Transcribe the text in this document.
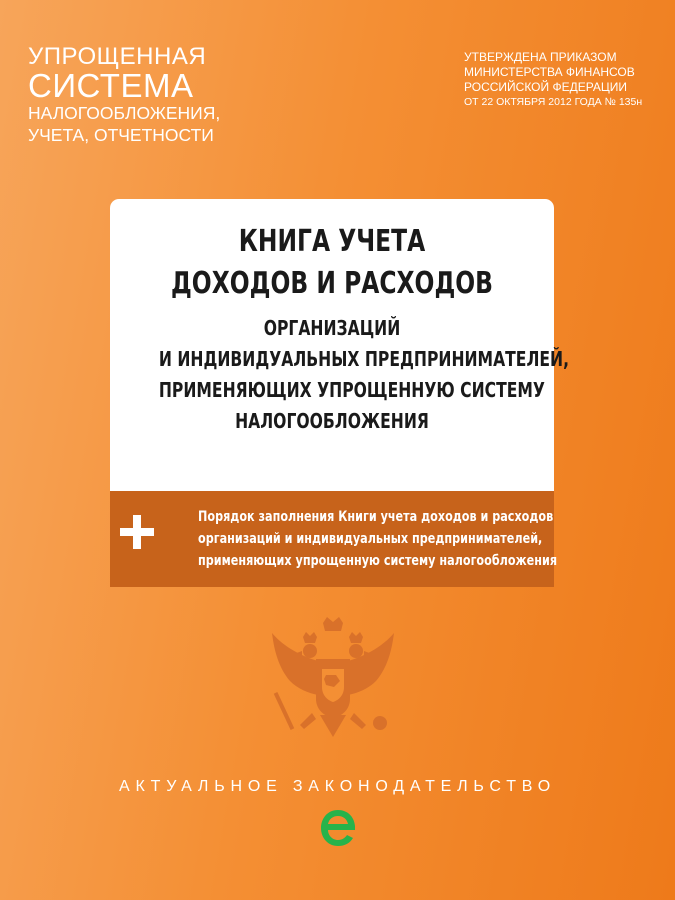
УПРОЩЕННАЯ
СИСТЕМА
НАЛОГООБЛОЖЕНИЯ,
УЧЕТА, ОТЧЕТНОСТИ
УТВЕРЖДЕНА ПРИКАЗОМ
МИНИСТЕРСТВА ФИНАНСОВ
РОССИЙСКОЙ ФЕДЕРАЦИИ
ОТ 22 ОКТЯБРЯ 2012 ГОДА № 135н
КНИГА УЧЕТА
ДОХОДОВ И РАСХОДОВ
ОРГАНИЗАЦИЙ
И ИНДИВИДУАЛЬНЫХ ПРЕДПРИНИМАТЕЛЕЙ,
ПРИМЕНЯЮЩИХ УПРОЩЕННУЮ СИСТЕМУ
НАЛОГООБЛОЖЕНИЯ
Порядок заполнения Книги учета доходов и расходов
организаций и индивидуальных предпринимателей,
применяющих упрощенную систему налогообложения
АКТУАЛЬНОЕ ЗАКОНОДАТЕЛЬСТВО
